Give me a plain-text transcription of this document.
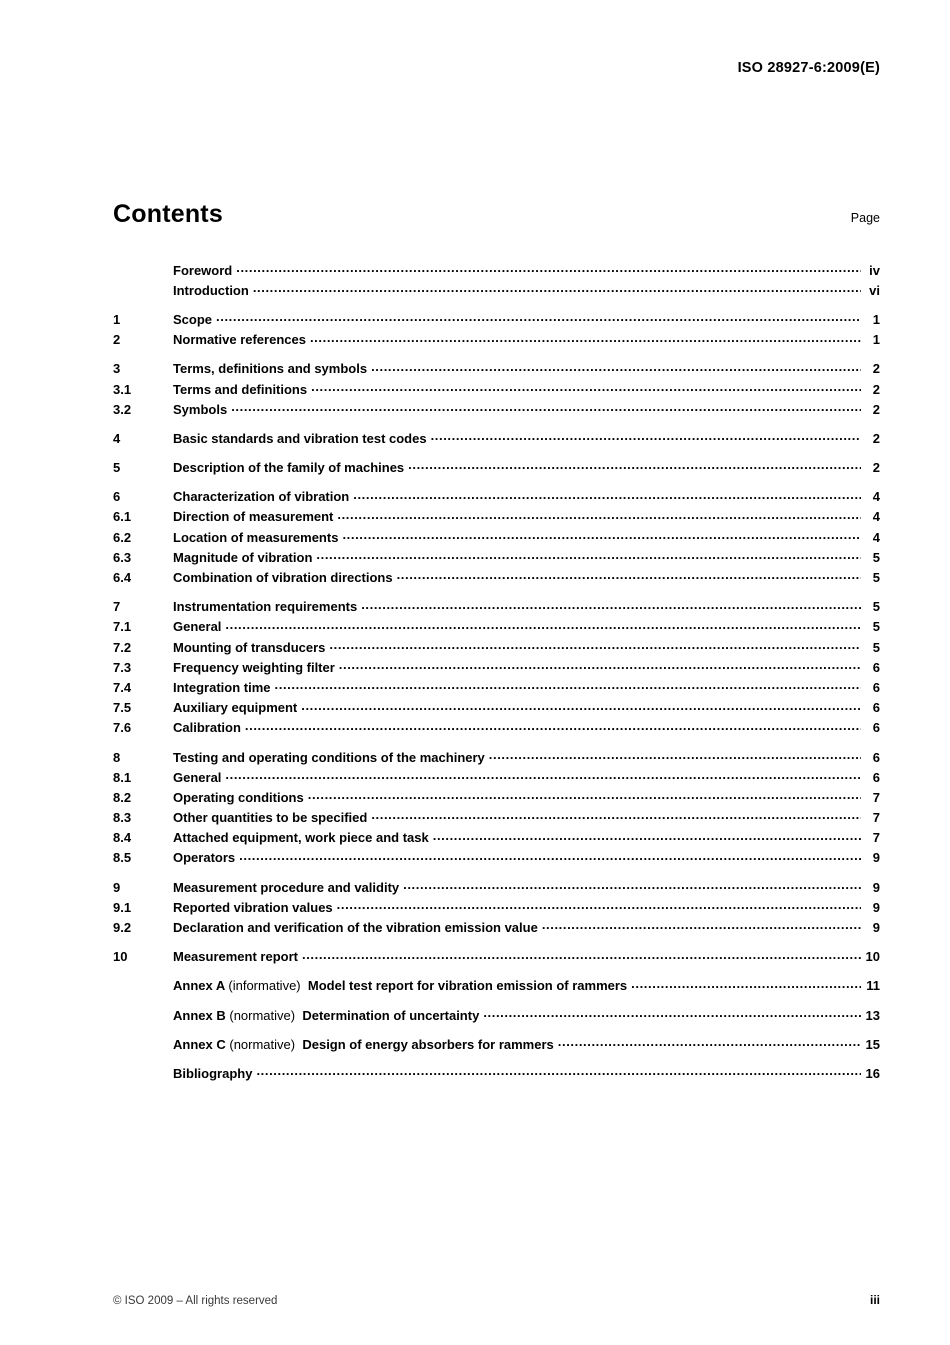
ISO 28927-6:2009(E)
Contents	Page
Foreword .....	iv
Introduction .....	vi
1	Scope .....	1
2	Normative references .....	1
3	Terms, definitions and symbols .....	2
3.1	Terms and definitions .....	2
3.2	Symbols .....	2
4	Basic standards and vibration test codes .....	2
5	Description of the family of machines .....	2
6	Characterization of vibration .....	4
6.1	Direction of measurement .....	4
6.2	Location of measurements .....	4
6.3	Magnitude of vibration .....	5
6.4	Combination of vibration directions .....	5
7	Instrumentation requirements .....	5
7.1	General .....	5
7.2	Mounting of transducers .....	5
7.3	Frequency weighting filter .....	6
7.4	Integration time .....	6
7.5	Auxiliary equipment .....	6
7.6	Calibration .....	6
8	Testing and operating conditions of the machinery .....	6
8.1	General .....	6
8.2	Operating conditions .....	7
8.3	Other quantities to be specified .....	7
8.4	Attached equipment, work piece and task .....	7
8.5	Operators .....	9
9	Measurement procedure and validity .....	9
9.1	Reported vibration values .....	9
9.2	Declaration and verification of the vibration emission value .....	9
10	Measurement report .....	10
Annex A (informative) Model test report for vibration emission of rammers .....	11
Annex B (normative) Determination of uncertainty .....	13
Annex C (normative) Design of energy absorbers for rammers .....	15
Bibliography .....	16
© ISO 2009 – All rights reserved	iii
